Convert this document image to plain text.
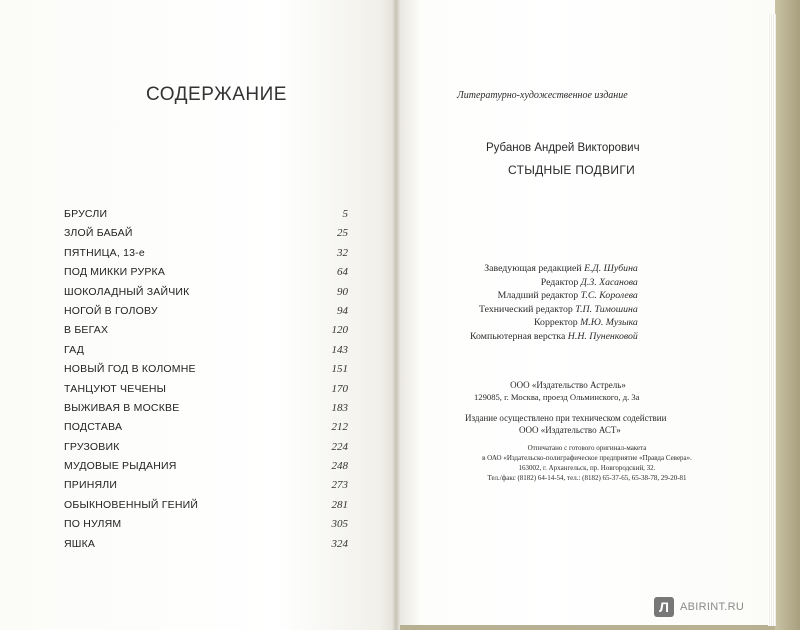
СОДЕРЖАНИЕ
БРУСЛИ	5
ЗЛОЙ БАБАЙ	25
ПЯТНИЦА, 13-е	32
ПОД МИККИ РУРКА	64
ШОКОЛАДНЫЙ ЗАЙЧИК	90
НОГОЙ В ГОЛОВУ	94
В БЕГАХ	120
ГАД	143
НОВЫЙ ГОД В КОЛОМНЕ	151
ТАНЦУЮТ ЧЕЧЕНЫ	170
ВЫЖИВАЯ В МОСКВЕ	183
ПОДСТАВА	212
ГРУЗОВИК	224
МУДОВЫЕ РЫДАНИЯ	248
ПРИНЯЛИ	273
ОБЫКНОВЕННЫЙ ГЕНИЙ	281
ПО НУЛЯМ	305
ЯШКА	324
Литературно-художественное издание
Рубанов Андрей Викторович
СТЫДНЫЕ ПОДВИГИ
Заведующая редакцией Е.Д. Шубина
Редактор Д.З. Хасанова
Младший редактор Т.С. Королева
Технический редактор Т.П. Тимошина
Корректор М.Ю. Музыка
Компьютерная верстка Н.Н. Пуненковой
ООО «Издательство Астрель»
129085, г. Москва, проезд Ольминского, д. 3а
Издание осуществлено при техническом содействии
ООО «Издательство АСТ»
Отпечатано с готового оригинал-макета
в ОАО «Издательско-полиграфическое предприятие «Правда Севера».
163002, г. Архангельск, пр. Новгородский, 32.
Тел./факс (8182) 64-14-54, тел.: (8182) 65-37-65, 65-38-78, 29-20-81
Л	ABIRINT.RU
